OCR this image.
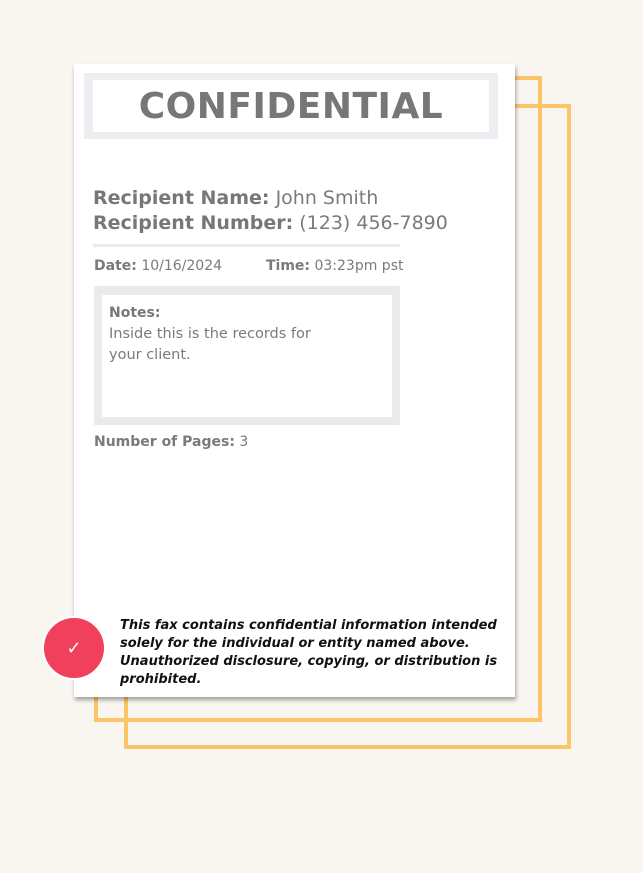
CONFIDENTIAL
Recipient Name: John Smith
Recipient Number: (123) 456-7890
Date: 10/16/2024	Time: 03:23pm pst
Notes:
Inside this is the records for your client.
Number of Pages: 3
This fax contains confidential information intended solely for the individual or entity named above. Unauthorized disclosure, copying, or distribution is prohibited.
✓
